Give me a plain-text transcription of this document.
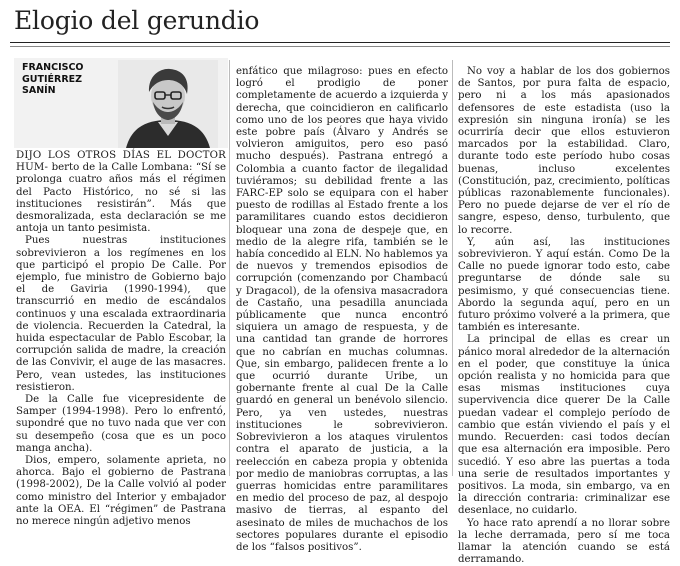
Elogio del gerundio
FRANCISCO
GUTIÉRREZ
SANÍN

DIJO LOS OTROS DÍAS EL DOCTOR HUM- berto de la Calle Lombana: “Sí se prolonga cuatro años más el régimen del Pacto Histórico, no sé si las instituciones resistirán”. Más que desmoralizada, esta declaración se me antoja un tanto pesimista.

Pues nuestras instituciones sobrevivieron a los regímenes en los que participó el propio De Calle. Por ejemplo, fue ministro de Gobierno bajo el de Gaviria (1990-1994), que transcurrió en medio de escándalos continuos y una escalada extraordinaria de violencia. Recuerden la Catedral, la huida espectacular de Pablo Escobar, la corrupción salida de madre, la creación de las Convivir, el auge de las masacres. Pero, vean ustedes, las instituciones resistieron.

De la Calle fue vicepresidente de Samper (1994-1998). Pero lo enfrentó, supondré que no tuvo nada que ver con su desempeño (cosa que es un poco manga ancha).

Dios, empero, solamente aprieta, no ahorca. Bajo el gobierno de Pastrana (1998-2002), De la Calle volvió al poder como ministro del Interior y embajador ante la OEA. El “régimen” de Pastrana no merece ningún adjetivo menos

enfático que milagroso: pues en efecto logró el prodigio de poner completamente de acuerdo a izquierda y derecha, que coincidieron en calificarlo como uno de los peores que haya vivido este pobre país (Álvaro y Andrés se volvieron amiguitos, pero eso pasó mucho después). Pastrana entregó a Colombia a cuanto factor de ilegalidad tuviéramos; su debilidad frente a las FARC-EP solo se equipara con el haber puesto de rodillas al Estado frente a los paramilitares cuando estos decidieron bloquear una zona de despeje que, en medio de la alegre rifa, también se le había concedido al ELN. No hablemos ya de nuevos y tremendos episodios de corrupción (comenzando por Chambacú y Dragacol), de la ofensiva masacradora de Castaño, una pesadilla anunciada públicamente que nunca encontró siquiera un amago de respuesta, y de una cantidad tan grande de horrores que no cabrían en muchas columnas. Que, sin embargo, palidecen frente a lo que ocurrió durante Uribe, un gobernante frente al cual De la Calle guardó en general un benévolo silencio. Pero, ya ven ustedes, nuestras instituciones le sobrevivieron. Sobrevivieron a los ataques virulentos contra el aparato de justicia, a la reelección en cabeza propia y obtenida por medio de maniobras corruptas, a las guerras homicidas entre paramilitares en medio del proceso de paz, al despojo masivo de tierras, al espanto del asesinato de miles de muchachos de los sectores populares durante el episodio de los “falsos positivos”.

No voy a hablar de los dos gobiernos de Santos, por pura falta de espacio, pero ni a los más apasionados defensores de este estadista (uso la expresión sin ninguna ironía) se les ocurriría decir que ellos estuvieron marcados por la estabilidad. Claro, durante todo este período hubo cosas buenas, incluso excelentes (Constitución, paz, crecimiento, políticas públicas razonablemente funcionales). Pero no puede dejarse de ver el río de sangre, espeso, denso, turbulento, que lo recorre.

Y, aún así, las instituciones sobrevivieron. Y aquí están. Como De la Calle no puede ignorar todo esto, cabe preguntarse de dónde sale su pesimismo, y qué consecuencias tiene. Abordo la segunda aquí, pero en un futuro próximo volveré a la primera, que también es interesante.

La principal de ellas es crear un pánico moral alrededor de la alternación en el poder, que constituye la única opción realista y no homicida para que esas mismas instituciones cuya supervivencia dice querer De la Calle puedan vadear el complejo período de cambio que están viviendo el país y el mundo. Recuerden: casi todos decían que esa alternación era imposible. Pero sucedió. Y eso abre las puertas a toda una serie de resultados importantes y positivos. La moda, sin embargo, va en la dirección contraria: criminalizar ese desenlace, no cuidarlo.

Yo hace rato aprendí a no llorar sobre la leche derramada, pero sí me toca llamar la atención cuando se está derramando.
